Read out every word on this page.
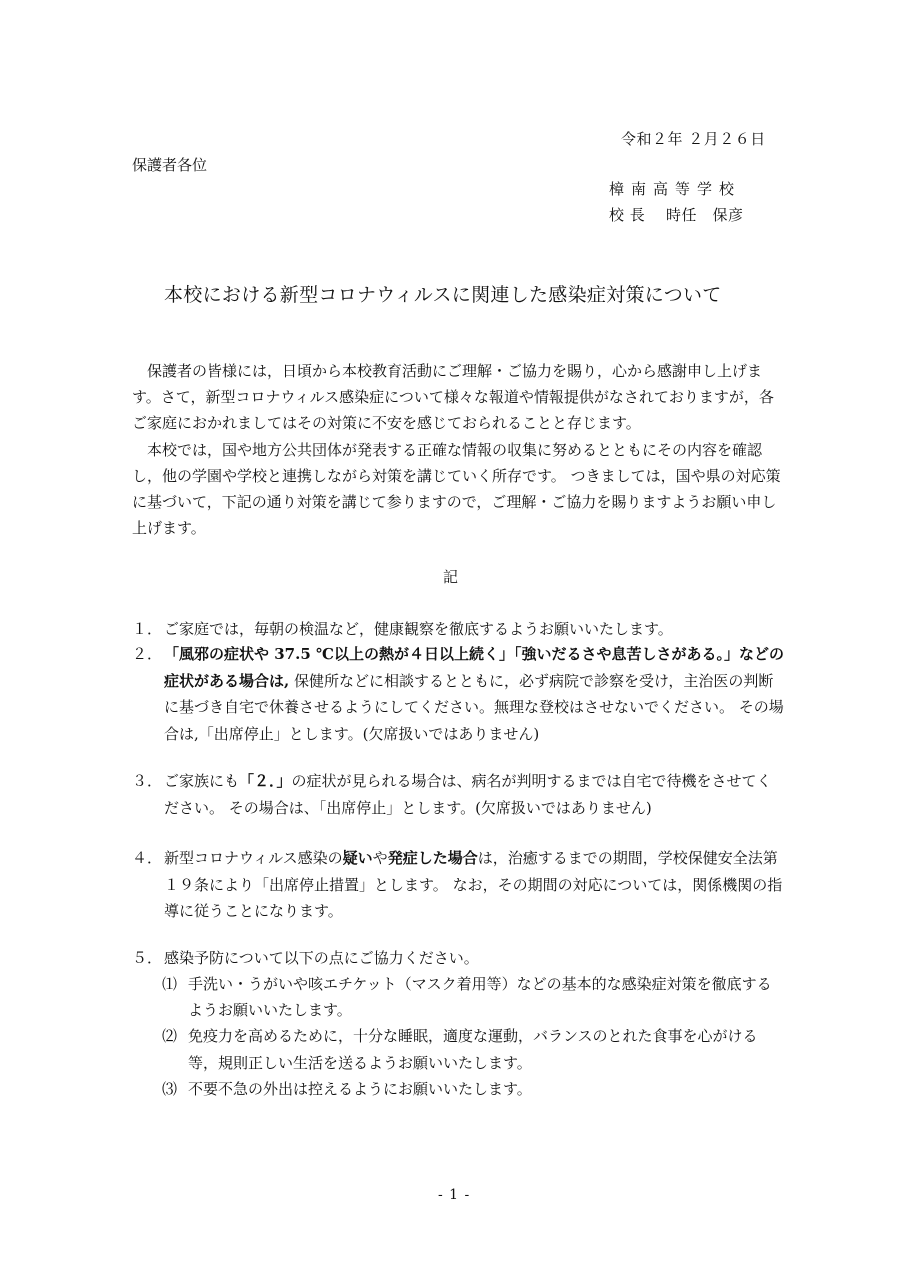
令和２年 ２月２６日
保護者各位
樟南高等学校
校 長　 時任　保彦
本校における新型コロナウィルスに関連した感染症対策について

　保護者の皆様には，日頃から本校教育活動にご理解・ご協力を賜り，心から感謝申し上げます。さて，新型コロナウィルス感染症について様々な報道や情報提供がなされておりますが，各ご家庭におかれましてはその対策に不安を感じておられることと存じます。

　本校では，国や地方公共団体が発表する正確な情報の収集に努めるとともにその内容を確認し，他の学園や学校と連携しながら対策を講じていく所存です。 つきましては，国や県の対応策に基づいて，下記の通り対策を講じて参りますので，ご理解・ご協力を賜りますようお願い申し上げます。

記
１． ご家庭では，毎朝の検温など，健康観察を徹底するようお願いいたします。
２． 「風邪の症状や 37.5 ℃以上の熱が４日以上続く」「強いだるさや息苦しさがある。」などの症状がある場合は, 保健所などに相談するとともに，必ず病院で診察を受け，主治医の判断に基づき自宅で休養させるようにしてください。無理な登校はさせないでください。 その場合は,「出席停止」とします。(欠席扱いではありません)
３． ご家族にも「２．」の症状が見られる場合は、病名が判明するまでは自宅で待機をさせてください。 その場合は、「出席停止」とします。(欠席扱いではありません)
４． 新型コロナウィルス感染の疑いや発症した場合は，治癒するまでの期間，学校保健安全法第１９条により「出席停止措置」とします。 なお，その期間の対応については，関係機関の指導に従うことになります。
５． 感染予防について以下の点にご協力ください。
⑴ 手洗い・うがいや咳エチケット（マスク着用等）などの基本的な感染症対策を徹底するようお願いいたします。
⑵ 免疫力を高めるために，十分な睡眠，適度な運動，バランスのとれた食事を心がける等，規則正しい生活を送るようお願いいたします。
⑶ 不要不急の外出は控えるようにお願いいたします。
- 1 -
